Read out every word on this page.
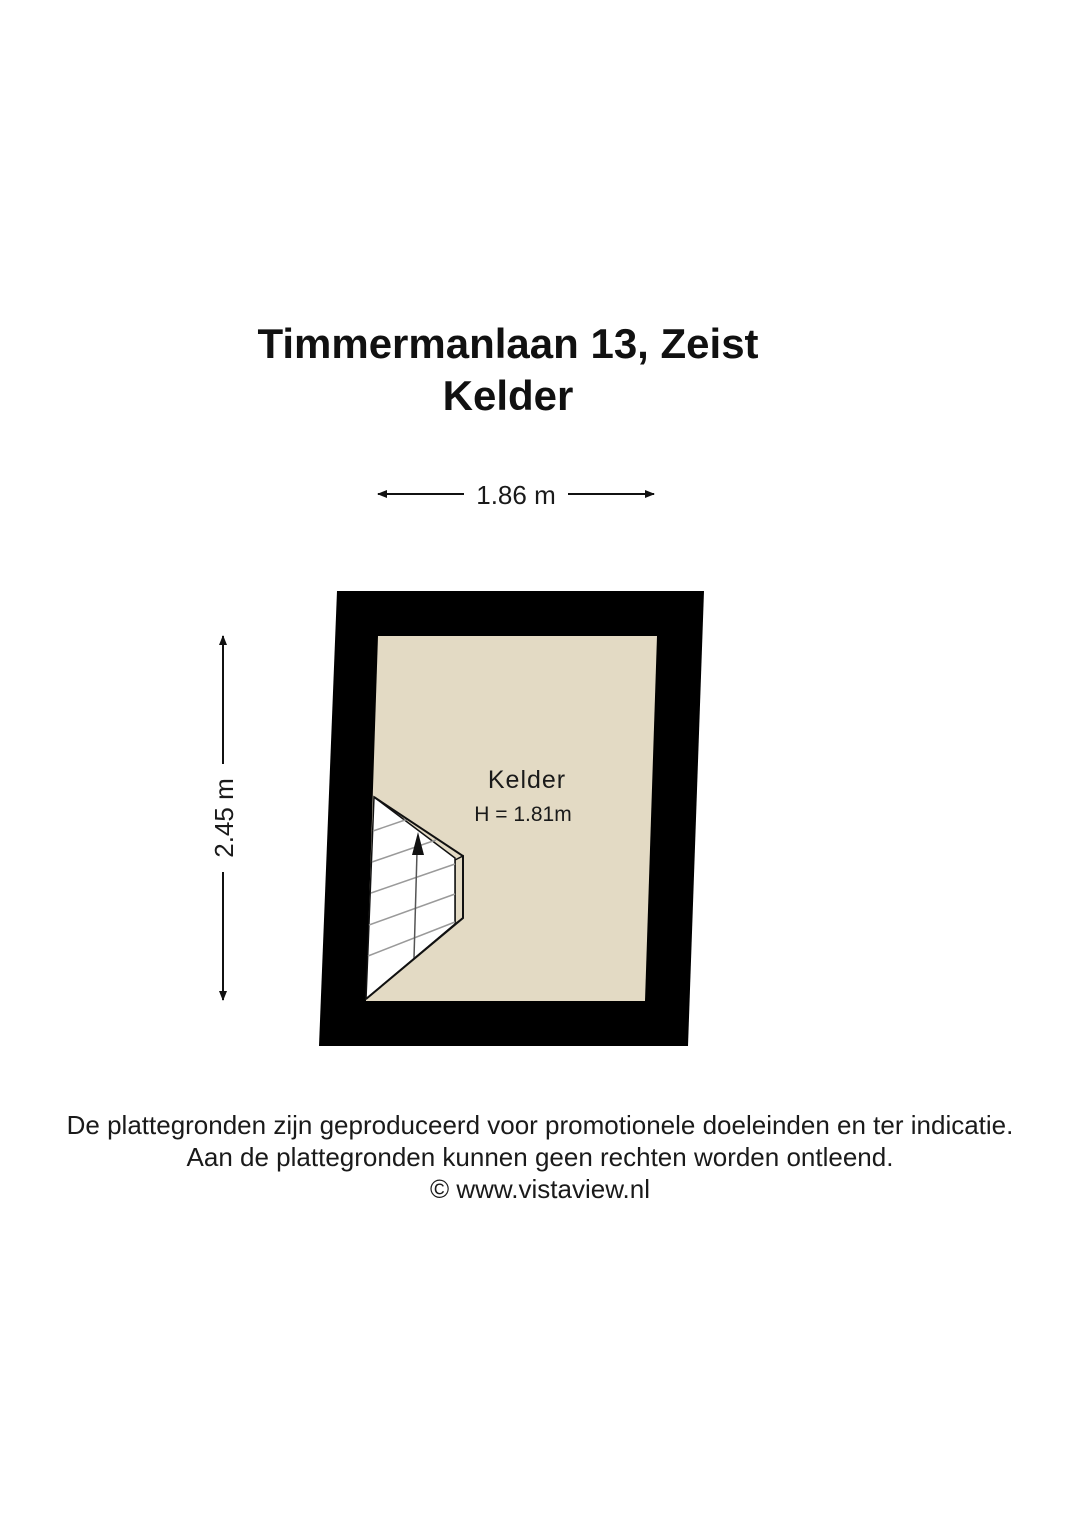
Timmermanlaan 13, Zeist
Kelder
1.86 m
2.45 m	Kelder
H = 1.81m
De plattegronden zijn geproduceerd voor promotionele doeleinden en ter indicatie.
Aan de plattegronden kunnen geen rechten worden ontleend.
© www.vistaview.nl
